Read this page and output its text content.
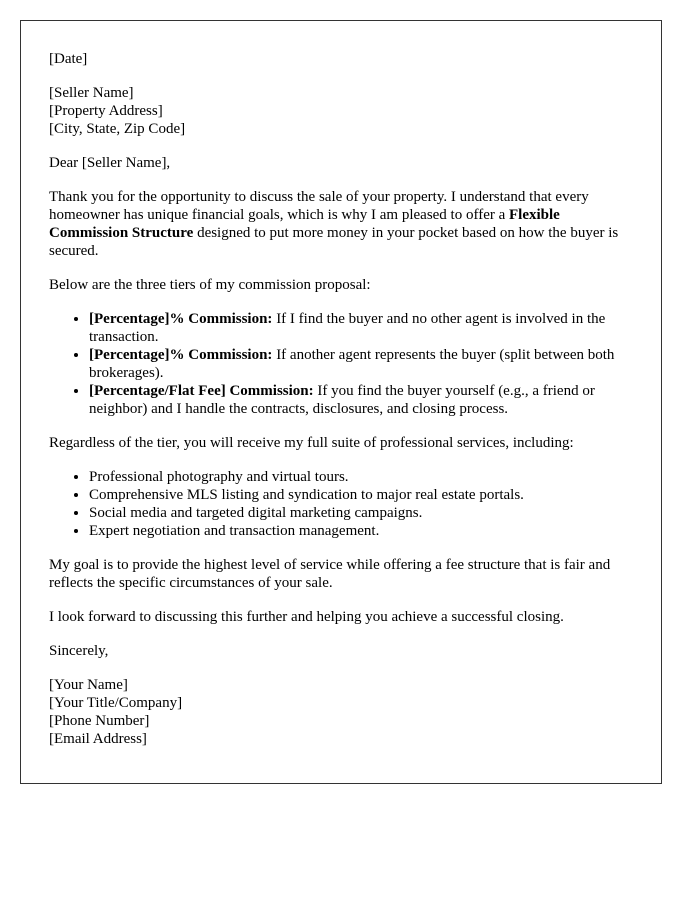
[Date]

[Seller Name]
[Property Address]
[City, State, Zip Code]

Dear [Seller Name],

Thank you for the opportunity to discuss the sale of your property. I understand that every homeowner has unique financial goals, which is why I am pleased to offer a Flexible Commission Structure designed to put more money in your pocket based on how the buyer is secured.

Below are the three tiers of my commission proposal:

• [Percentage]% Commission: If I find the buyer and no other agent is involved in the transaction.
• [Percentage]% Commission: If another agent represents the buyer (split between both brokerages).
• [Percentage/Flat Fee] Commission: If you find the buyer yourself (e.g., a friend or neighbor) and I handle the contracts, disclosures, and closing process.

Regardless of the tier, you will receive my full suite of professional services, including:

• Professional photography and virtual tours.
• Comprehensive MLS listing and syndication to major real estate portals.
• Social media and targeted digital marketing campaigns.
• Expert negotiation and transaction management.

My goal is to provide the highest level of service while offering a fee structure that is fair and reflects the specific circumstances of your sale.

I look forward to discussing this further and helping you achieve a successful closing.

Sincerely,

[Your Name]
[Your Title/Company]
[Phone Number]
[Email Address]
